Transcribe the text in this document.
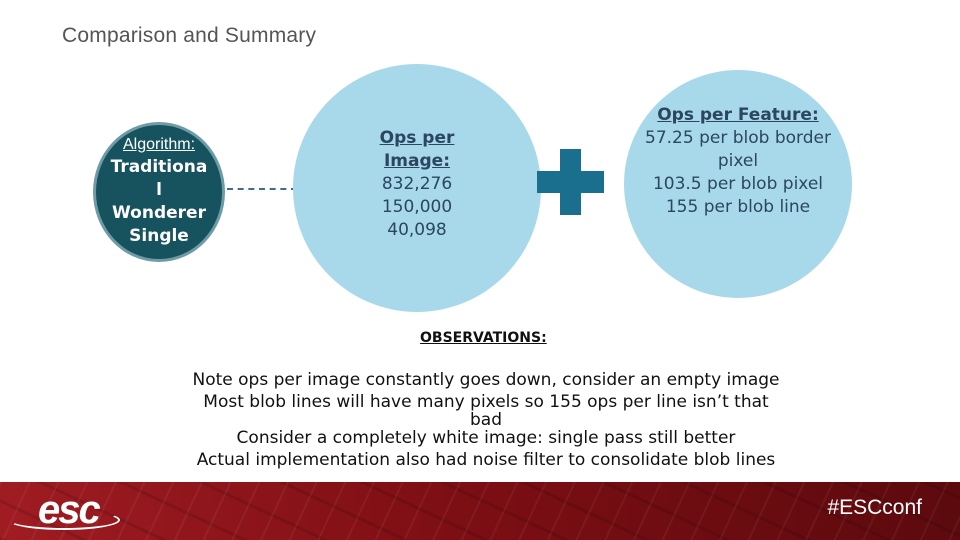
Comparison and Summary
Algorithm:
Traditiona
l
Wonderer
Single
Ops per
Image:
832,276
150,000
40,098
Ops per Feature:
57.25 per blob border
pixel
103.5 per blob pixel
155 per blob line
OBSERVATIONS:
Note ops per image constantly goes down, consider an empty image
Most blob lines will have many pixels so 155 ops per line isn’t that
bad
Consider a completely white image: single pass still better
Actual implementation also had noise filter to consolidate blob lines
esc	#ESCconf
